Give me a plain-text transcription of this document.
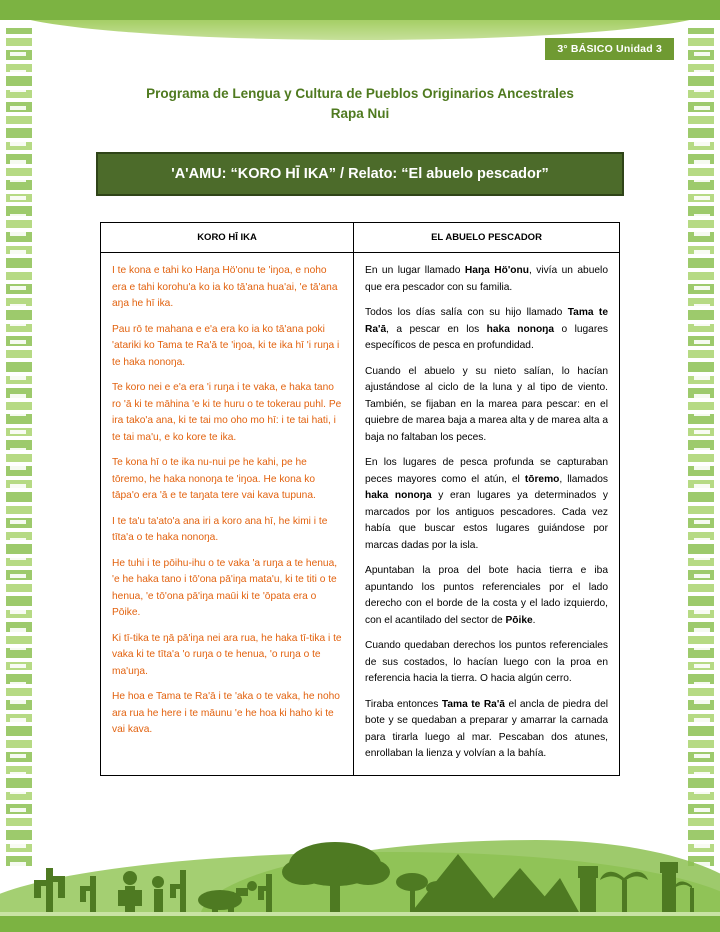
3° BÁSICO Unidad 3
Programa de Lengua y Cultura de Pueblos Originarios Ancestrales
Rapa Nui
'A'AMU: “KORO HĪ IKA” / Relato: “El abuelo pescador”
KORO HĪ IKA	EL ABUELO PESCADOR

I te kona e tahi ko Haŋa Hö'onu te 'iŋoa, e noho era e tahi korohu'a ko ia ko tā'ana hua'ai, 'e tā'ana aŋa he hī ika.

Pau rō te mahana e e'a era ko ia ko tā'ana poki 'atariki ko Tama te Ra'ā te 'iŋoa, ki te ika hī 'i ruŋa i te haka nonoŋa.

Te koro nei e e'a era 'i ruŋa i te vaka, e haka tano ro 'ā ki te māhina 'e ki te huru o te tokerau puhl. Pe ira tako'a ana, ki te tai mo oho mo hī: i te tai hati, i te tai ma'u, e ko kore te ika.

Te kona hī o te ika nu-nui pe he kahi, pe he tōremo, he haka nonoŋa te 'iŋoa. He kona ko tāpa'o era 'ā e te taŋata tere vai kava tupuna.

I te ta'u ta'ato'a ana iri a koro ana hī, he kimi i te tīta'a o te haka nonoŋa.

He tuhi i te pōihu-ihu o te vaka 'a ruŋa a te henua, 'e he haka tano i tō'ona pā'iŋa mata'u, ki te titi o te henua, 'e tō'ona pā'iŋa maūi ki te 'ōpata era o Pōike.

Ki tī-tika te ŋā pā'iŋa nei ara rua, he haka tī-tika i te vaka ki te tīta'a 'o ruŋa o te henua, 'o ruŋa o te ma'uŋa.

He hoa e Tama te Ra'ā i te 'aka o te vaka, he noho ara rua he here i te māunu 'e he hoa ki haho ki te vai kava.

En un lugar llamado Haŋa Hö'onu, vivía un abuelo que era pescador con su familia.

Todos los días salía con su hijo llamado Tama te Ra'ā, a pescar en los haka nonoŋa o lugares específicos de pesca en profundidad.

Cuando el abuelo y su nieto salían, lo hacían ajustándose al ciclo de la luna y al tipo de viento. También, se fijaban en la marea para pescar: en el quiebre de marea baja a marea alta y de marea alta a baja no faltaban los peces.

En los lugares de pesca profunda se capturaban peces mayores como el atún, el tōremo, llamados haka nonoŋa y eran lugares ya determinados y marcados por los antiguos pescadores. Cada vez había que buscar estos lugares guiándose por marcas dadas por la isla.

Apuntaban la proa del bote hacia tierra e iba apuntando los puntos referenciales por el lado derecho con el borde de la costa y el lado izquierdo, con el acantilado del sector de Pōike.

Cuando quedaban derechos los puntos referenciales de sus costados, lo hacían luego con la proa en referencia hacia la tierra. O hacia algún cerro.

Tiraba entonces Tama te Ra'ā el ancla de piedra del bote y se quedaban a preparar y amarrar la carnada para tirarla luego al mar. Pescaban dos atunes, enrollaban la lienza y volvían a la bahía.
